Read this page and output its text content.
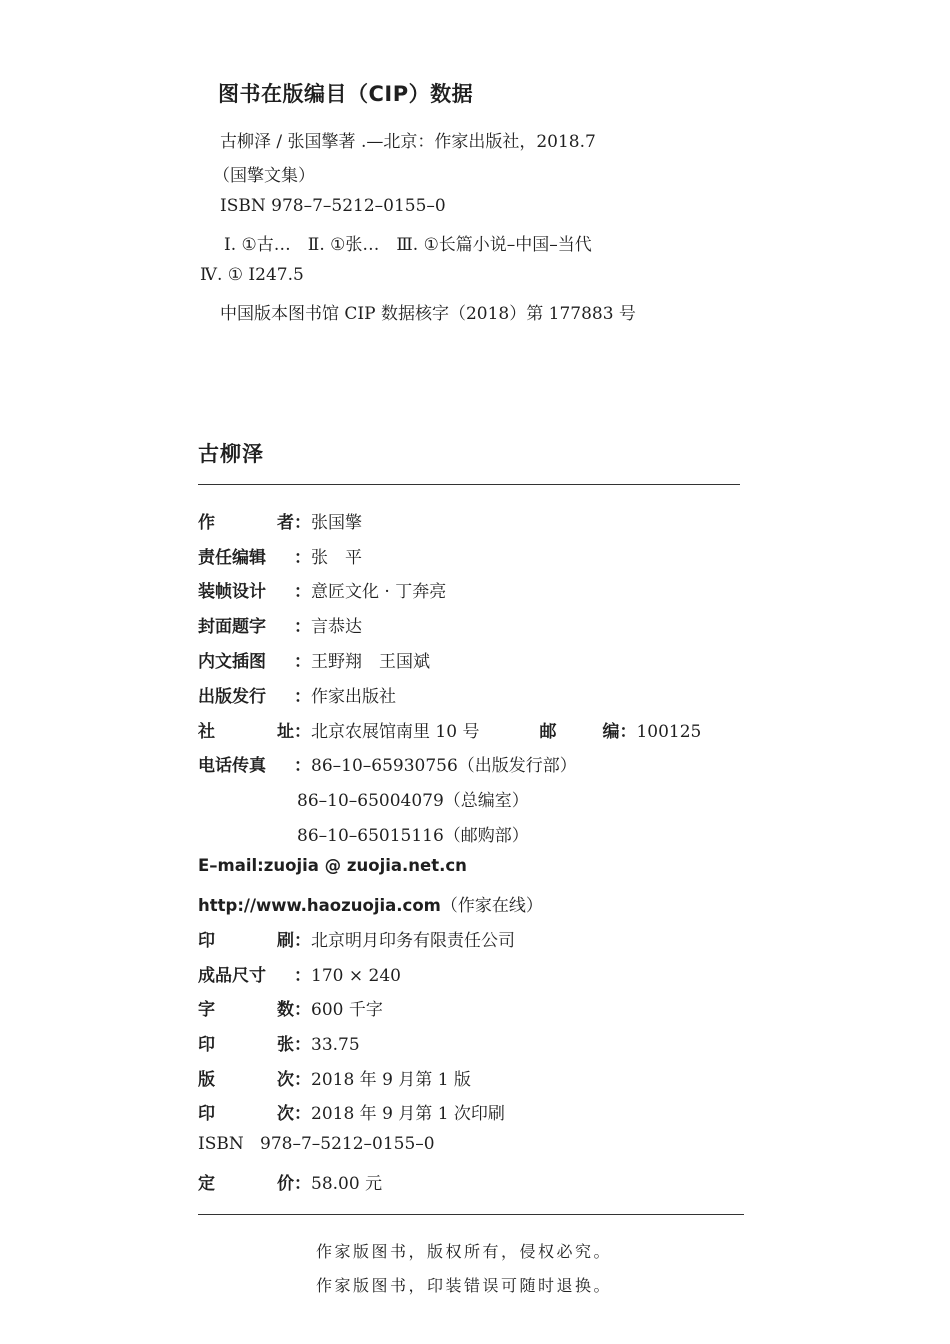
图书在版编目（CIP）数据
古柳泽 / 张国擎著 .—北京：作家出版社，2018.7
（国擎文集）
ISBN 978–7–5212–0155–0
Ⅰ. ①古…　Ⅱ. ①张…　Ⅲ. ①长篇小说–中国–当代
Ⅳ. ① I247.5
中国版本图书馆 CIP 数据核字（2018）第 177883 号
古柳泽
作	者 ：张国擎
责任编辑 ：张　平
装帧设计 ：意匠文化 · 丁奔亮
封面题字 ：言恭达
内文插图 ：王野翔　王国斌
出版发行 ：作家出版社
社	址 ：北京农展馆南里 10 号	邮	编 ：100125
电话传真 ：86–10–65930756（出版发行部）
86–10–65004079（总编室）
86–10–65015116（邮购部）
E–mail:zuojia @ zuojia.net.cn
http://www.haozuojia.com（作家在线）
印	刷 ：北京明月印务有限责任公司
成品尺寸 ：170 × 240
字	数 ：600 千字
印	张 ：33.75
版	次 ：2018 年 9 月第 1 版
印	次 ：2018 年 9 月第 1 次印刷
ISBN 978–7–5212–0155–0
定	价 ：58.00 元
作家版图书，版权所有，侵权必究。
作家版图书，印装错误可随时退换。
